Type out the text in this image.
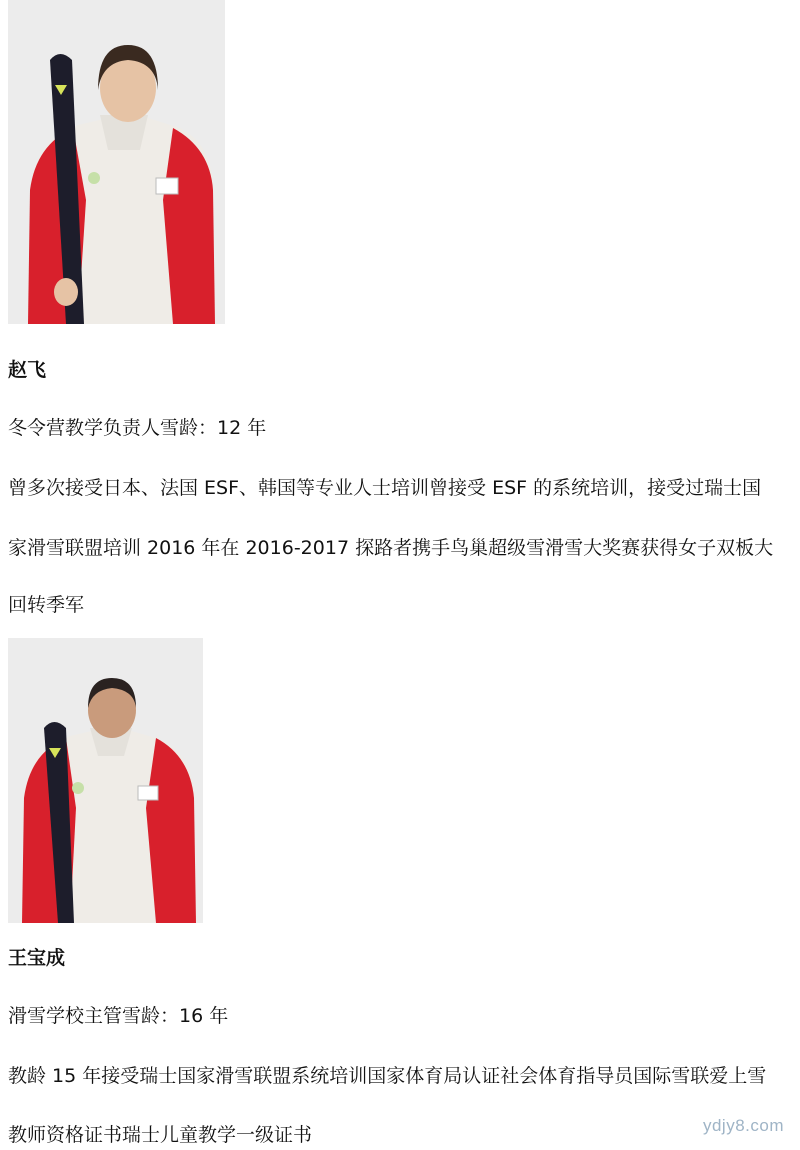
赵飞
冬令营教学负责人雪龄：12 年
曾多次接受日本、法国 ESF、韩国等专业人士培训曾接受 ESF 的系统培训，接受过瑞士国
家滑雪联盟培训 2016 年在 2016-2017 探路者携手鸟巢超级雪滑雪大奖赛获得女子双板大
回转季军
王宝成
滑雪学校主管雪龄：16 年
教龄 15 年接受瑞士国家滑雪联盟系统培训国家体育局认证社会体育指导员国际雪联爱上雪
教师资格证书瑞士儿童教学一级证书	ydjy8.com
